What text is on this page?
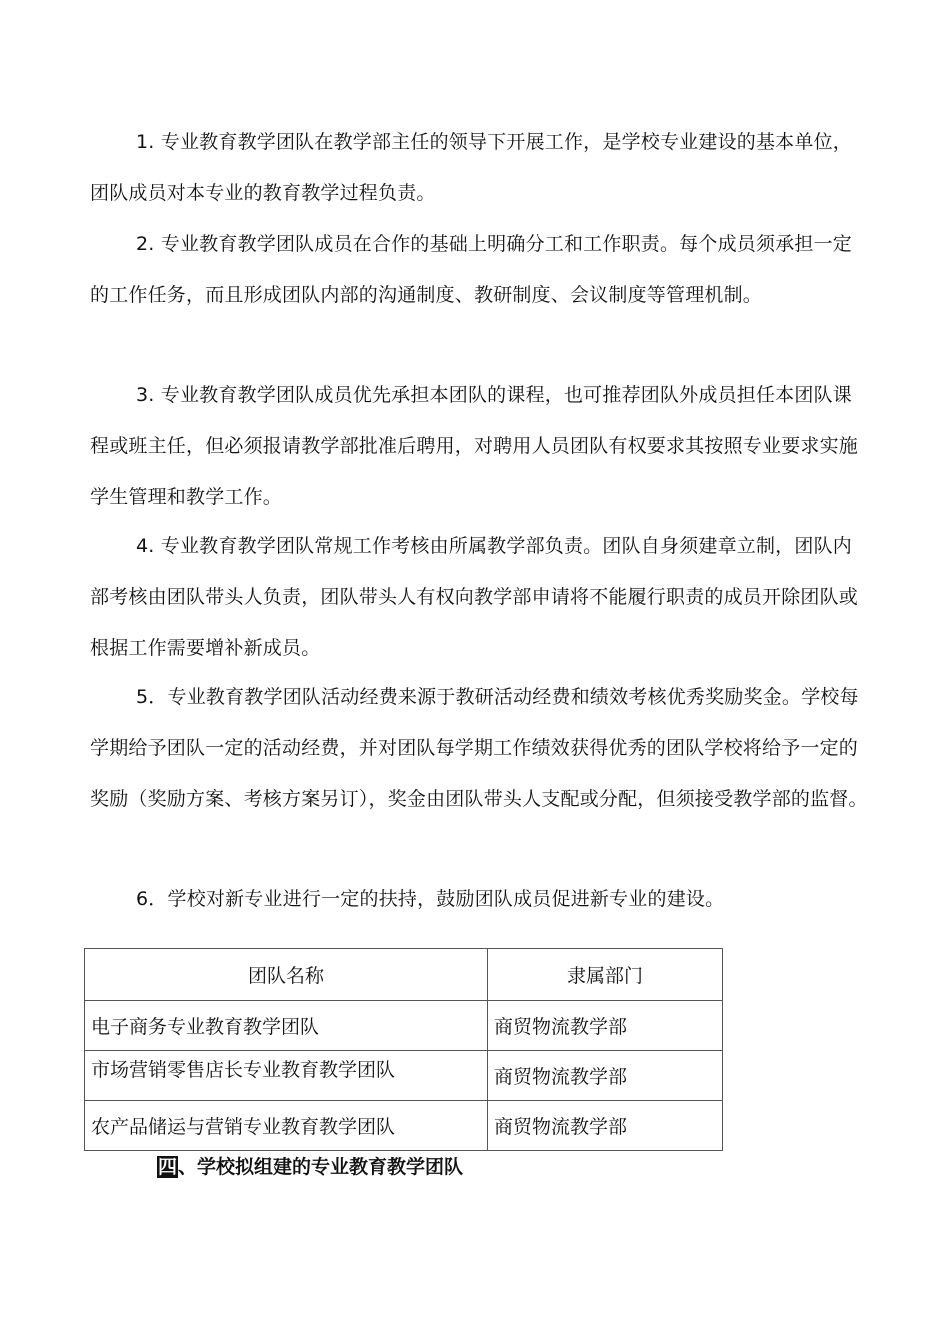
1. 专业教育教学团队在教学部主任的领导下开展工作，是学校专业建设的基本单位，团队成员对本专业的教育教学过程负责。

2. 专业教育教学团队成员在合作的基础上明确分工和工作职责。每个成员须承担一定的工作任务，而且形成团队内部的沟通制度、教研制度、会议制度等管理机制。

3. 专业教育教学团队成员优先承担本团队的课程，也可推荐团队外成员担任本团队课程或班主任，但必须报请教学部批准后聘用，对聘用人员团队有权要求其按照专业要求实施学生管理和教学工作。

4. 专业教育教学团队常规工作考核由所属教学部负责。团队自身须建章立制，团队内部考核由团队带头人负责，团队带头人有权向教学部申请将不能履行职责的成员开除团队或根据工作需要增补新成员。

5．专业教育教学团队活动经费来源于教研活动经费和绩效考核优秀奖励奖金。学校每学期给予团队一定的活动经费，并对团队每学期工作绩效获得优秀的团队学校将给予一定的奖励（奖励方案、考核方案另订），奖金由团队带头人支配或分配，但须接受教学部的监督。

6．学校对新专业进行一定的扶持，鼓励团队成员促进新专业的建设。

团队名称	隶属部门
电子商务专业教育教学团队	商贸物流教学部
市场营销零售店长专业教育教学团队	商贸物流教学部
农产品储运与营销专业教育教学团队	商贸物流教学部

四、学校拟组建的专业教育教学团队
